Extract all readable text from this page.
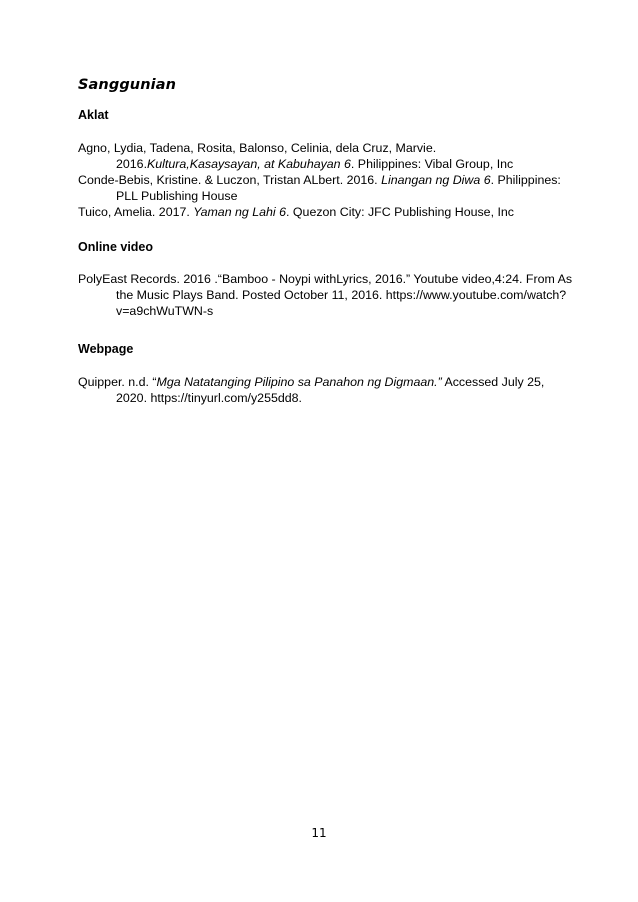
Sanggunian
Aklat

Agno, Lydia, Tadena, Rosita, Balonso, Celinia, dela Cruz, Marvie. 2016.Kultura,Kasaysayan, at Kabuhayan 6. Philippines: Vibal Group, Inc

Conde-Bebis, Kristine. & Luczon, Tristan ALbert. 2016. Linangan ng Diwa 6. Philippines: PLL Publishing House

Tuico, Amelia. 2017. Yaman ng Lahi 6. Quezon City: JFC Publishing House, Inc

Online video

PolyEast Records. 2016 .“Bamboo - Noypi withLyrics, 2016.” Youtube video,4:24. From As the Music Plays Band. Posted October 11, 2016. https://www.youtube.com/watch?v=a9chWuTWN-s

Webpage

Quipper. n.d. “Mga Natatanging Pilipino sa Panahon ng Digmaan.” Accessed July 25, 2020. https://tinyurl.com/y255dd8.

11
